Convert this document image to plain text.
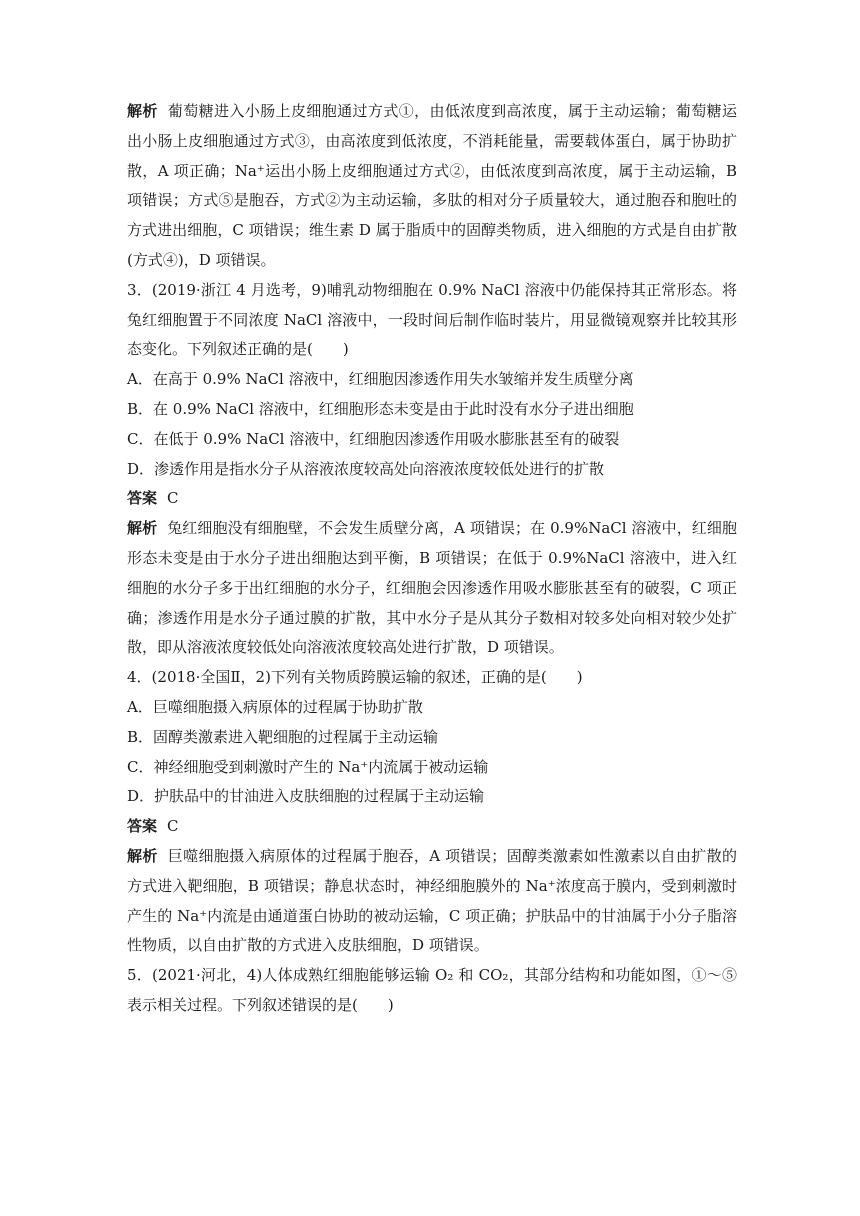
解析 葡萄糖进入小肠上皮细胞通过方式①，由低浓度到高浓度，属于主动运输；葡萄糖运出小肠上皮细胞通过方式③，由高浓度到低浓度，不消耗能量，需要载体蛋白，属于协助扩散，A 项正确；Na⁺运出小肠上皮细胞通过方式②，由低浓度到高浓度，属于主动运输，B 项错误；方式⑤是胞吞，方式②为主动运输，多肽的相对分子质量较大，通过胞吞和胞吐的方式进出细胞，C 项错误；维生素 D 属于脂质中的固醇类物质，进入细胞的方式是自由扩散(方式④)，D 项错误。

3．(2019·浙江 4 月选考，9)哺乳动物细胞在 0.9% NaCl 溶液中仍能保持其正常形态。将兔红细胞置于不同浓度 NaCl 溶液中，一段时间后制作临时装片，用显微镜观察并比较其形态变化。下列叙述正确的是(　　)

A．在高于 0.9% NaCl 溶液中，红细胞因渗透作用失水皱缩并发生质壁分离

B．在 0.9% NaCl 溶液中，红细胞形态未变是由于此时没有水分子进出细胞

C．在低于 0.9% NaCl 溶液中，红细胞因渗透作用吸水膨胀甚至有的破裂

D．渗透作用是指水分子从溶液浓度较高处向溶液浓度较低处进行的扩散

答案 C

解析 兔红细胞没有细胞壁，不会发生质壁分离，A 项错误；在 0.9%NaCl 溶液中，红细胞形态未变是由于水分子进出细胞达到平衡，B 项错误；在低于 0.9%NaCl 溶液中，进入红细胞的水分子多于出红细胞的水分子，红细胞会因渗透作用吸水膨胀甚至有的破裂，C 项正确；渗透作用是水分子通过膜的扩散，其中水分子是从其分子数相对较多处向相对较少处扩散，即从溶液浓度较低处向溶液浓度较高处进行扩散，D 项错误。

4．(2018·全国Ⅱ，2)下列有关物质跨膜运输的叙述，正确的是(　　)

A．巨噬细胞摄入病原体的过程属于协助扩散

B．固醇类激素进入靶细胞的过程属于主动运输

C．神经细胞受到刺激时产生的 Na⁺内流属于被动运输

D．护肤品中的甘油进入皮肤细胞的过程属于主动运输

答案 C

解析 巨噬细胞摄入病原体的过程属于胞吞，A 项错误；固醇类激素如性激素以自由扩散的方式进入靶细胞，B 项错误；静息状态时，神经细胞膜外的 Na⁺浓度高于膜内，受到刺激时产生的 Na⁺内流是由通道蛋白协助的被动运输，C 项正确；护肤品中的甘油属于小分子脂溶性物质，以自由扩散的方式进入皮肤细胞，D 项错误。

5．(2021·河北，4)人体成熟红细胞能够运输 O₂ 和 CO₂，其部分结构和功能如图，①～⑤表示相关过程。下列叙述错误的是(　　)
